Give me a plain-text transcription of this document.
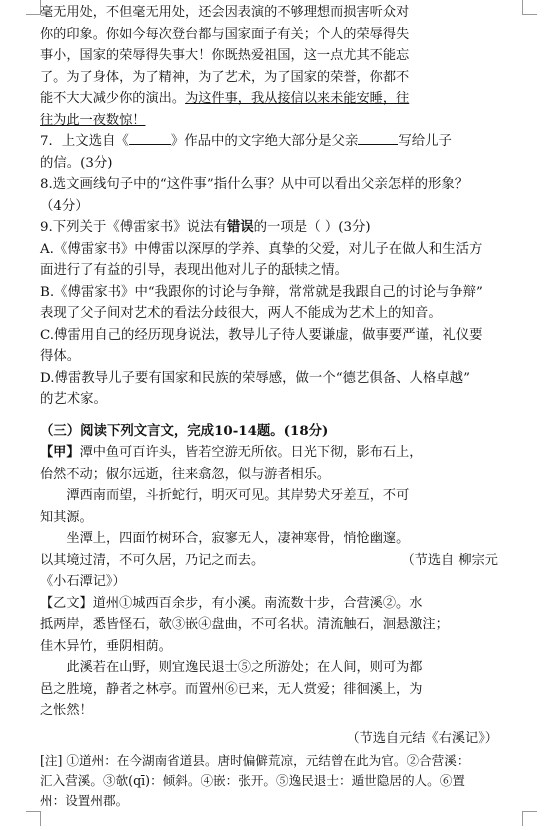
毫无用处，不但毫无用处，还会因表演的不够理想而损害听众对

你的印象。你如今每次登台都与国家面子有关；个人的荣辱得失

事小，国家的荣辱得失事大！你既热爱祖国，这一点尤其不能忘

了。为了身体，为了精神，为了艺术，为了国家的荣誉，你都不

能不大大减少你的演出。为这件事，我从接信以来未能安睡，往

往为此一夜数惊！

7．上文选自《	》作品中的文字绝大部分是父亲	写给儿子

的信。(3分)

8.选文画线句子中的“这件事”指什么事？从中可以看出父亲怎样的形象？

（4分）

9.下列关于《傅雷家书》说法有错误的一项是（ ）(3分)

A.《傅雷家书》中傅雷以深厚的学养、真挚的父爱，对儿子在做人和生活方

面进行了有益的引导，表现出他对儿子的舐犊之情。

B.《傅雷家书》中“我跟你的讨论与争辩，常常就是我跟自己的讨论与争辩”

表现了父子间对艺术的看法分歧很大，两人不能成为艺术上的知音。

C.傅雷用自己的经历现身说法，教导儿子待人要谦虚，做事要严谨，礼仪要

得体。

D.傅雷教导儿子要有国家和民族的荣辱感，做一个“德艺俱备、人格卓越”

的艺术家。

（三）阅读下列文言文，完成10-14题。(18分)

【甲】潭中鱼可百许头，皆若空游无所依。日光下彻，影布石上，

佁然不动；俶尔远逝，往来翕忽，似与游者相乐。

潭西南而望，斗折蛇行，明灭可见。其岸势犬牙差互，不可

知其源。

坐潭上，四面竹树环合，寂寥无人，凄神寒骨，悄怆幽邃。

以其境过清，不可久居，乃记之而去。	（节选自 柳宗元

《小石潭记》）

【乙文】道州①城西百余步，有小溪。南流数十步，合营溪②。水

抵两岸，悉皆怪石，欹③嵌④盘曲，不可名状。清流触石，洄悬激注；

佳木异竹，垂阴相荫。

此溪若在山野，则宜逸民退士⑤之所游处；在人间，则可为都

邑之胜境，静者之林亭。而置州⑥已来，无人赏爱；徘徊溪上，为

之怅然！

（节选自元结《右溪记》）

[注] ①道州：在今湖南省道县。唐时偏僻荒凉，元结曾在此为官。②合营溪：

汇入营溪。③欹(qī)：倾斜。④嵌：张开。⑤逸民退士：遁世隐居的人。⑥置

州：设置州郡。
